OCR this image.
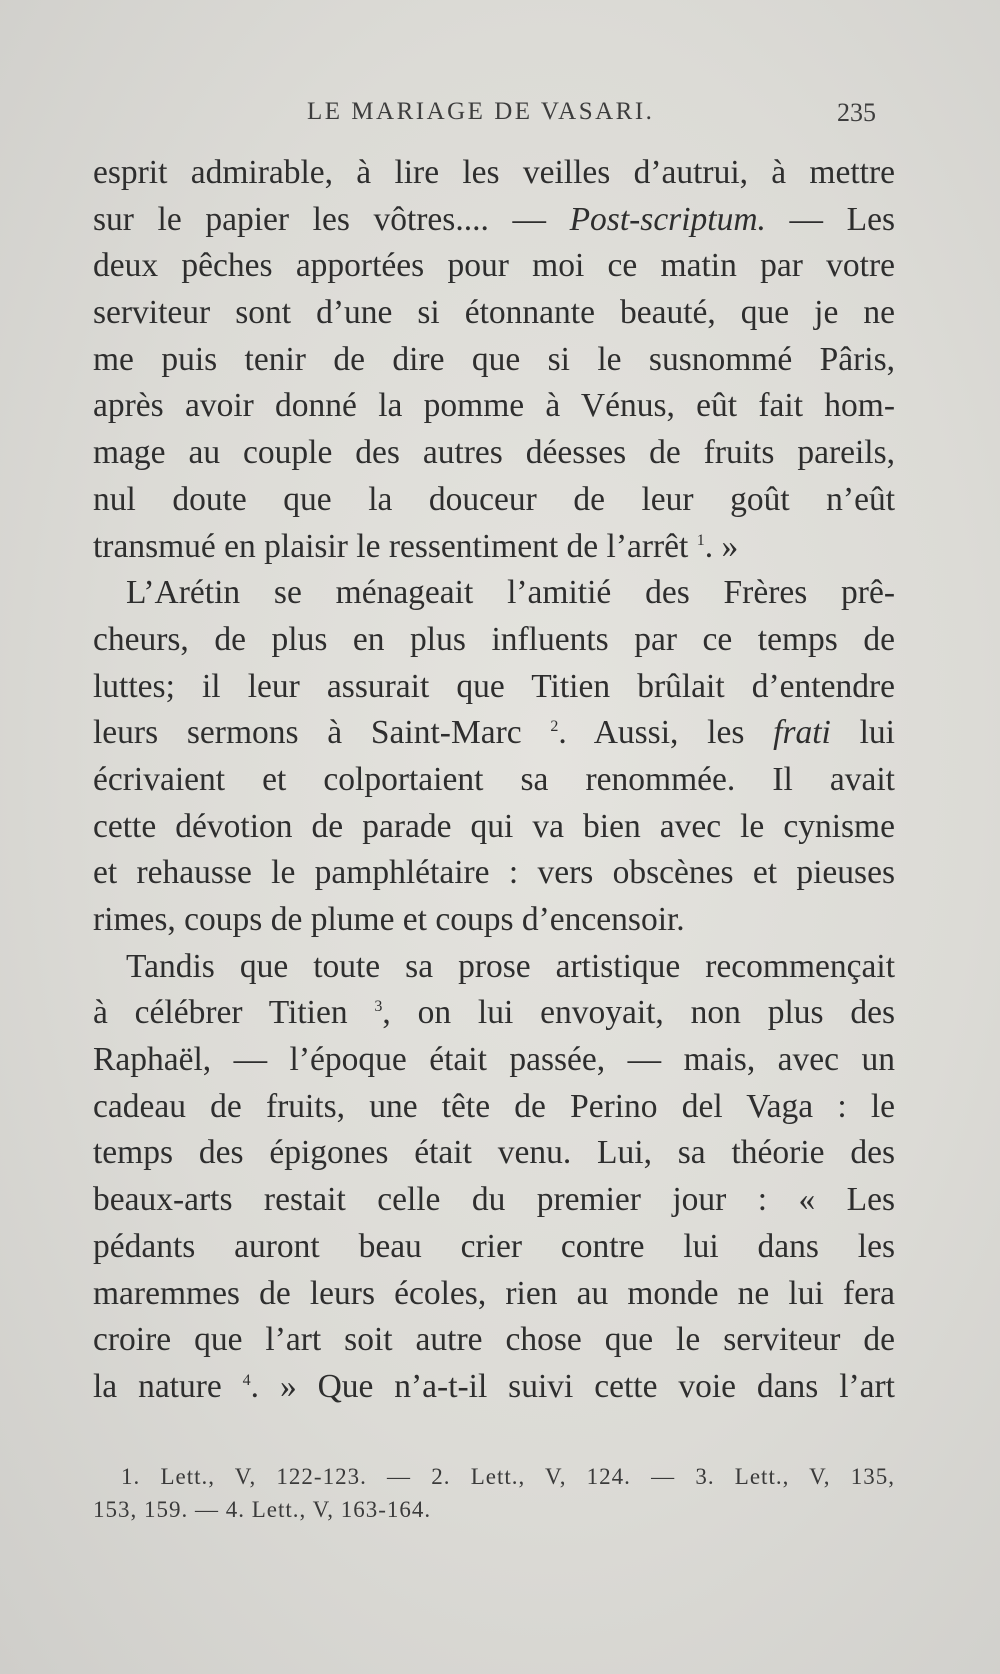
LE MARIAGE DE VASARI.	235
esprit admirable, à lire les veilles d’autrui, à mettre
sur le papier les vôtres.... — Post-scriptum. — Les
deux pêches apportées pour moi ce matin par votre
serviteur sont d’une si étonnante beauté, que je ne
me puis tenir de dire que si le susnommé Pâris,
après avoir donné la pomme à Vénus, eût fait hom-
mage au couple des autres déesses de fruits pareils,
nul doute que la douceur de leur goût n’eût
transmué en plaisir le ressentiment de l’arrêt $^1$. »
L’Arétin se ménageait l’amitié des Frères prê-
cheurs, de plus en plus influents par ce temps de
luttes; il leur assurait que Titien brûlait d’entendre
leurs sermons à Saint-Marc $^2$. Aussi, les frati lui
écrivaient et colportaient sa renommée. Il avait
cette dévotion de parade qui va bien avec le cynisme
et rehausse le pamphlétaire : vers obscènes et pieuses
rimes, coups de plume et coups d’encensoir.
Tandis que toute sa prose artistique recommençait
à célébrer Titien $^3$, on lui envoyait, non plus des
Raphaël, — l’époque était passée, — mais, avec un
cadeau de fruits, une tête de Perino del Vaga : le
temps des épigones était venu. Lui, sa théorie des
beaux-arts restait celle du premier jour : « Les
pédants auront beau crier contre lui dans les
maremmes de leurs écoles, rien au monde ne lui fera
croire que l’art soit autre chose que le serviteur de
la nature $^4$. » Que n’a-t-il suivi cette voie dans l’art
1. Lett., V, 122-123. — 2. Lett., V, 124. — 3. Lett., V, 135,
153, 159. — 4. Lett., V, 163-164.
